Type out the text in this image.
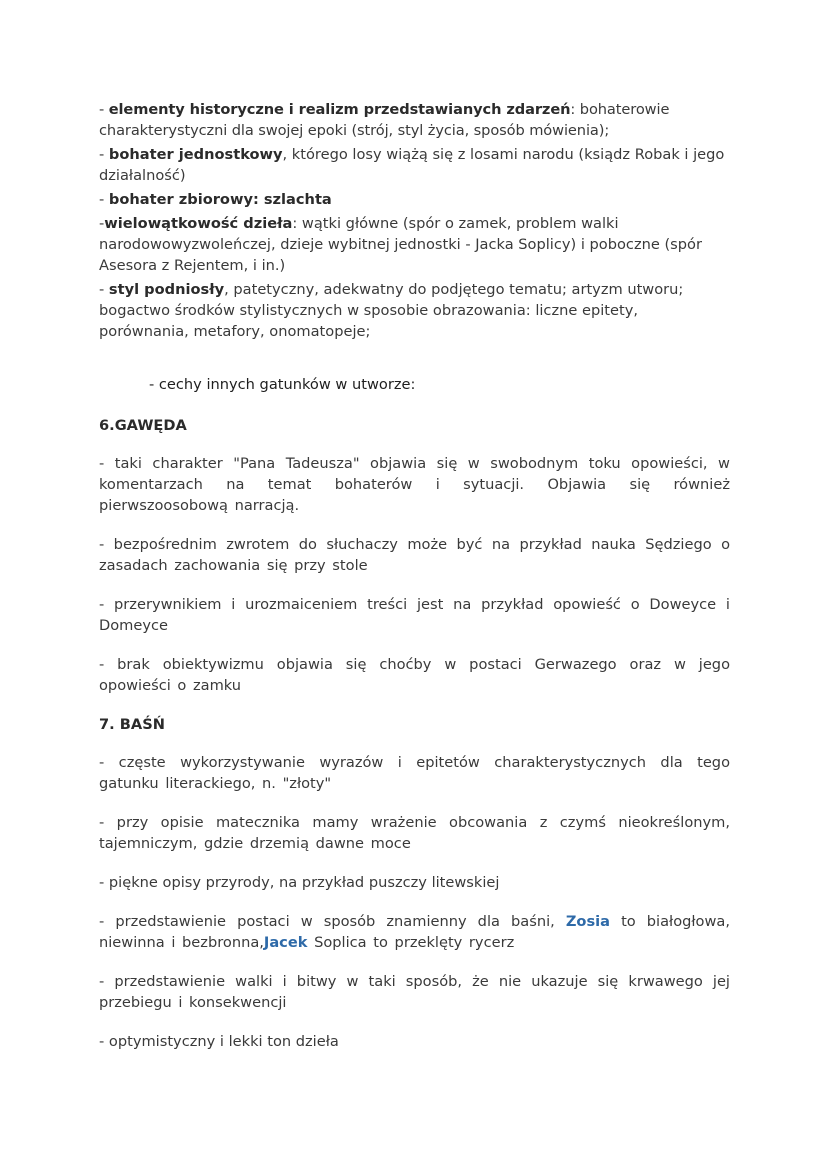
- elementy historyczne i realizm przedstawianych zdarzeń: bohaterowie charakterystyczni dla swojej epoki (strój, styl życia, sposób mówienia);

- bohater jednostkowy, którego losy wiążą się z losami narodu (ksiądz Robak i jego działalność)

- bohater zbiorowy: szlachta

-wielowątkowość dzieła: wątki główne (spór o zamek, problem walki narodowowyzwoleńczej, dzieje wybitnej jednostki - Jacka Soplicy) i poboczne (spór Asesora z Rejentem, i in.)

- styl podniosły, patetyczny, adekwatny do podjętego tematu; artyzm utworu; bogactwo środków stylistycznych w sposobie obrazowania: liczne epitety, porównania, metafory, onomatopeje;

- cechy innych gatunków w utworze:

6.GAWĘDA

- taki charakter "Pana Tadeusza" objawia się w swobodnym toku opowieści, w komentarzach na temat bohaterów i sytuacji. Objawia się również pierwszoosobową narracją.

- bezpośrednim zwrotem do słuchaczy może być na przykład nauka Sędziego o zasadach zachowania się przy stole

- przerywnikiem i urozmaiceniem treści jest na przykład opowieść o Doweyce i Domeyce

- brak obiektywizmu objawia się choćby w postaci Gerwazego oraz w jego opowieści o zamku

7. BAŚŃ

- częste wykorzystywanie wyrazów i epitetów charakterystycznych dla tego gatunku literackiego, n. "złoty"

- przy opisie matecznika mamy wrażenie obcowania z czymś nieokreślonym, tajemniczym, gdzie drzemią dawne moce

- piękne opisy przyrody, na przykład puszczy litewskiej

- przedstawienie postaci w sposób znamienny dla baśni, Zosia to białogłowa, niewinna i bezbronna,Jacek Soplica to przeklęty rycerz

- przedstawienie walki i bitwy w taki sposób, że nie ukazuje się krwawego jej przebiegu i konsekwencji

- optymistyczny i lekki ton dzieła
